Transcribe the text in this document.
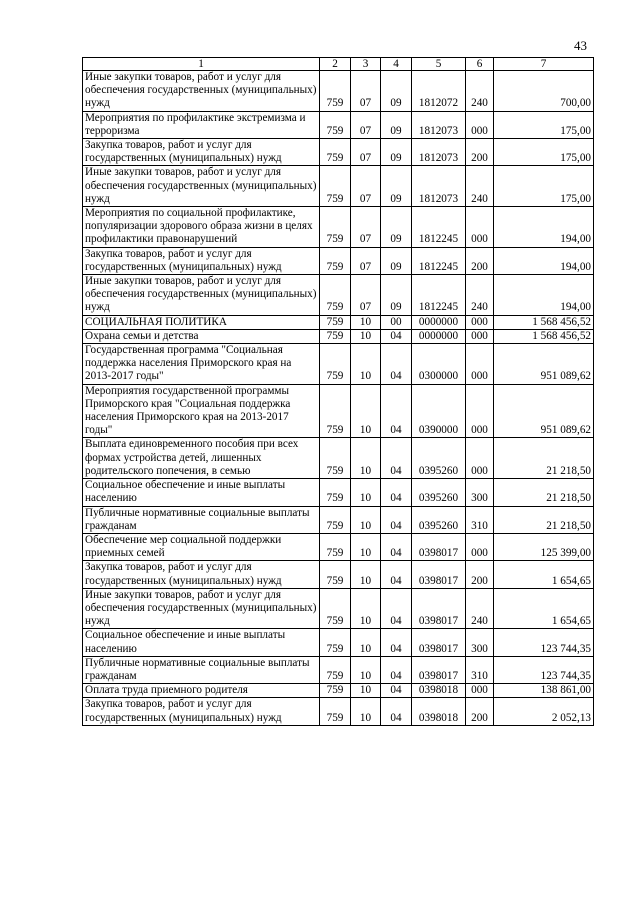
43
1	2	3	4	5	6	7
Иные закупки товаров, работ и услуг для обеспечения государственных (муниципальных) нужд	759	07	09	1812072	240	700,00
Мероприятия по профилактике экстремизма и терроризма	759	07	09	1812073	000	175,00
Закупка товаров, работ и услуг для государственных (муниципальных) нужд	759	07	09	1812073	200	175,00
Иные закупки товаров, работ и услуг для обеспечения государственных (муниципальных) нужд	759	07	09	1812073	240	175,00
Мероприятия по социальной профилактике, популяризации здорового образа жизни в целях профилактики правонарушений	759	07	09	1812245	000	194,00
Закупка товаров, работ и услуг для государственных (муниципальных) нужд	759	07	09	1812245	200	194,00
Иные закупки товаров, работ и услуг для обеспечения государственных (муниципальных) нужд	759	07	09	1812245	240	194,00
СОЦИАЛЬНАЯ ПОЛИТИКА	759	10	00	0000000	000	1 568 456,52
Охрана семьи и детства	759	10	04	0000000	000	1 568 456,52
Государственная программа "Социальная поддержка населения Приморского края на 2013-2017 годы"	759	10	04	0300000	000	951 089,62
Мероприятия государственной программы Приморского края "Социальная поддержка населения Приморского края на 2013-2017 годы"	759	10	04	0390000	000	951 089,62
Выплата единовременного пособия при всех формах устройства детей, лишенных родительского попечения, в семью	759	10	04	0395260	000	21 218,50
Социальное обеспечение и иные выплаты населению	759	10	04	0395260	300	21 218,50
Публичные нормативные социальные выплаты гражданам	759	10	04	0395260	310	21 218,50
Обеспечение мер социальной поддержки приемных семей	759	10	04	0398017	000	125 399,00
Закупка товаров, работ и услуг для государственных (муниципальных) нужд	759	10	04	0398017	200	1 654,65
Иные закупки товаров, работ и услуг для обеспечения государственных (муниципальных) нужд	759	10	04	0398017	240	1 654,65
Социальное обеспечение и иные выплаты населению	759	10	04	0398017	300	123 744,35
Публичные нормативные социальные выплаты гражданам	759	10	04	0398017	310	123 744,35
Оплата труда приемного родителя	759	10	04	0398018	000	138 861,00
Закупка товаров, работ и услуг для государственных (муниципальных) нужд	759	10	04	0398018	200	2 052,13
